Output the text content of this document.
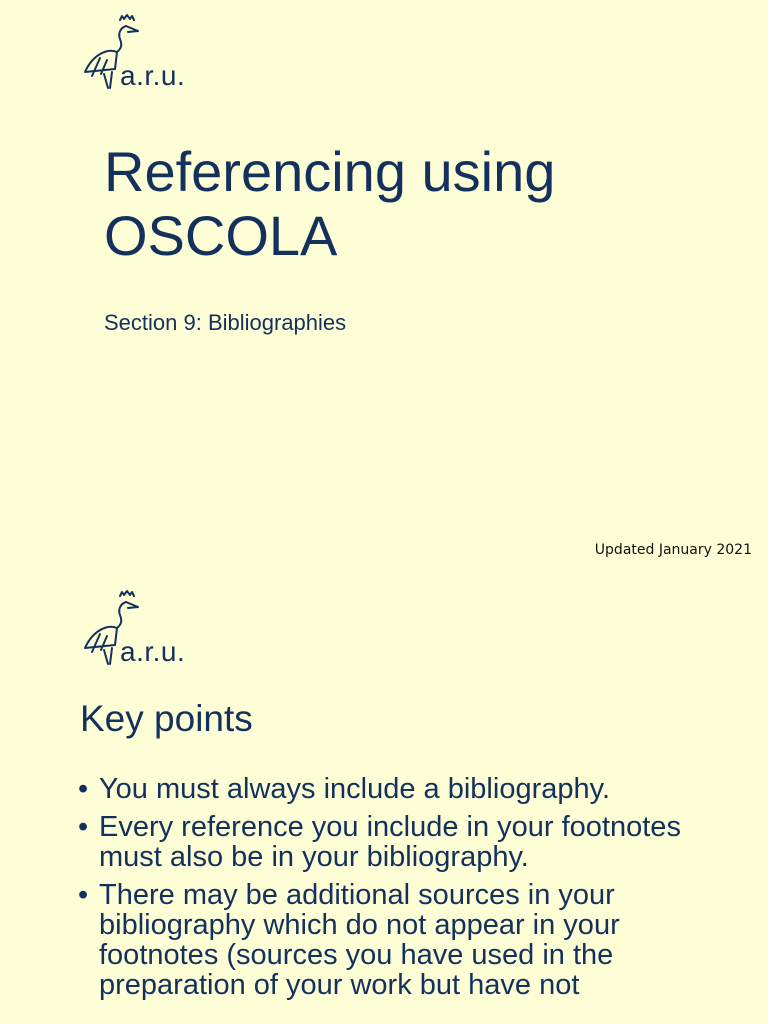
a.r.u.
Referencing using
OSCOLA
Section 9: Bibliographies
Updated January 2021
a.r.u.
Key points
• You must always include a bibliography.
• Every reference you include in your footnotes must also be in your bibliography.
• There may be additional sources in your bibliography which do not appear in your footnotes (sources you have used in the preparation of your work but have not
